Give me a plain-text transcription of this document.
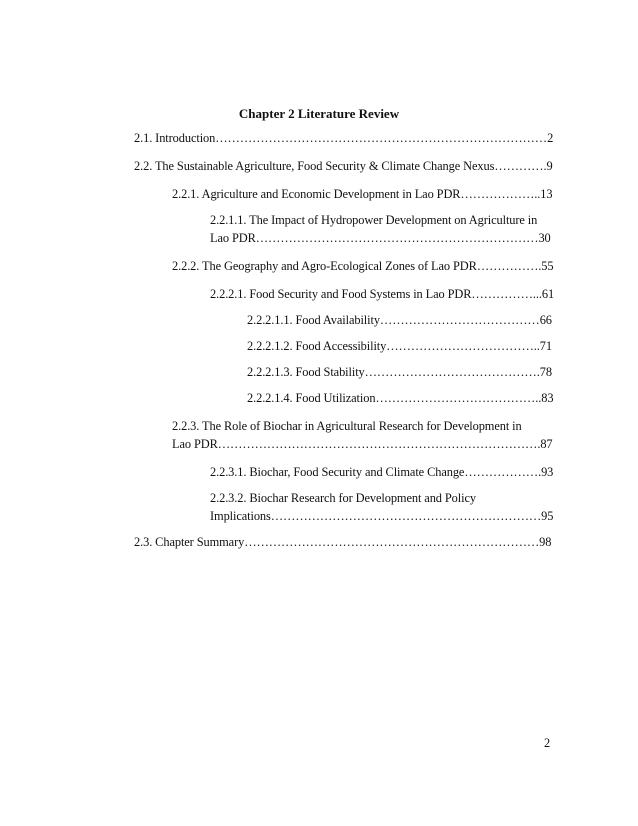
Chapter 2 Literature Review
2.1. Introduction………………………………………………………………………2
2.2. The Sustainable Agriculture, Food Security & Climate Change Nexus………….9
2.2.1. Agriculture and Economic Development in Lao PDR………………..13
2.2.1.1. The Impact of Hydropower Development on Agriculture in
Lao PDR……………………………………………………………30
2.2.2. The Geography and Agro-Ecological Zones of Lao PDR…………….55
2.2.2.1. Food Security and Food Systems in Lao PDR……………...61
2.2.2.1.1. Food Availability…………………………………66
2.2.2.1.2. Food Accessibility………………………………..71
2.2.2.1.3. Food Stability…………………………………….78
2.2.2.1.4. Food Utilization…………………………………..83
2.2.3. The Role of Biochar in Agricultural Research for Development in
Lao PDR…………………………………………………………………….87
2.2.3.1. Biochar, Food Security and Climate Change……………….93
2.2.3.2. Biochar Research for Development and Policy
Implications…………………………………………………………95
2.3. Chapter Summary………………………………………………………………98
2
